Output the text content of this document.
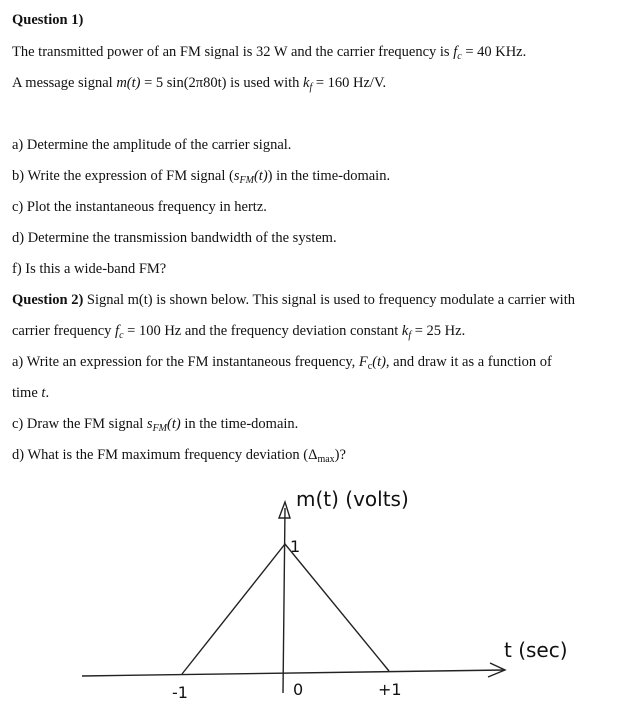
Question 1)
The transmitted power of an FM signal is 32 W and the carrier frequency is $f_c = 40$ KHz.
A message signal m(t) = 5 sin(2π80t) is used with $k_f = 160$ Hz/V.
a) Determine the amplitude of the carrier signal.
b) Write the expression of FM signal $(s_{FM}(t))$ in the time-domain.
c) Plot the instantaneous frequency in hertz.
d) Determine the transmission bandwidth of the system.
f) Is this a wide-band FM?
Question 2) Signal m(t) is shown below. This signal is used to frequency modulate a carrier with
carrier frequency $f_c = 100$ Hz and the frequency deviation constant $k_f = 25$ Hz.
a) Write an expression for the FM instantaneous frequency, $F_c(t)$, and draw it as a function of
time t.
c) Draw the FM signal $s_{FM}(t)$ in the time-domain.
d) What is the FM maximum frequency deviation $(\Delta_{max})$?
m(t) (volts)
t (sec)
1
-1	0	+1
